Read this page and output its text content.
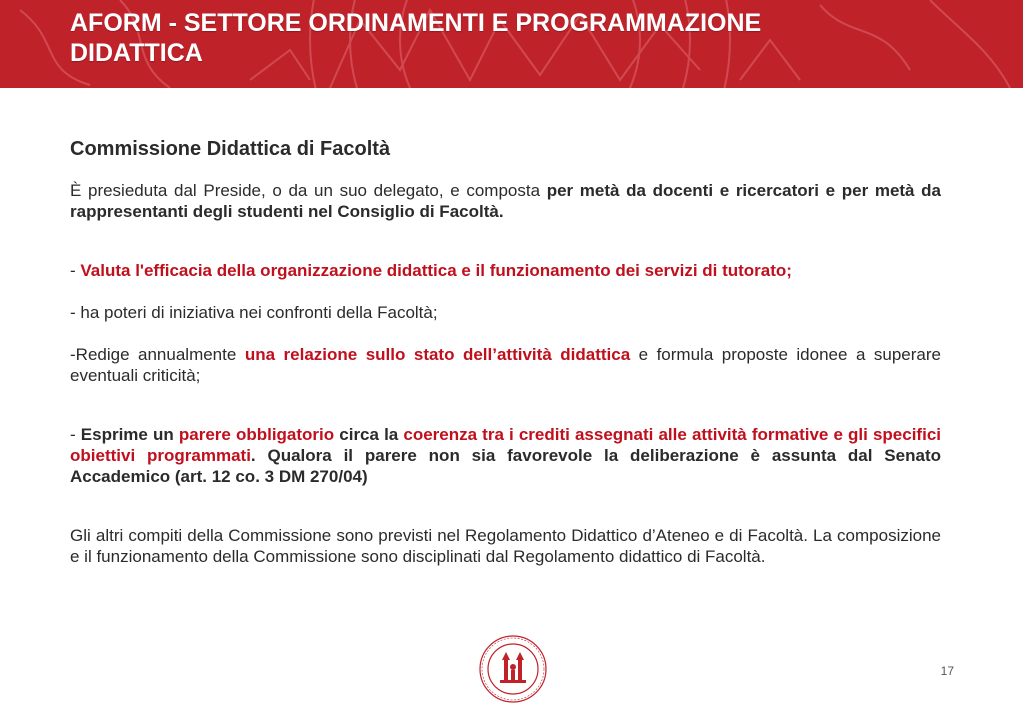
AFORM - SETTORE ORDINAMENTI E PROGRAMMAZIONE
DIDATTICA
Commissione Didattica di Facoltà

È presieduta dal Preside, o da un suo delegato, e composta per metà da docenti e ricercatori e per metà da rappresentanti degli studenti nel Consiglio di Facoltà.

- Valuta l'efficacia della organizzazione didattica e il funzionamento dei servizi di tutorato;

- ha poteri di iniziativa nei confronti della Facoltà;

-Redige annualmente una relazione sullo stato dell’attività didattica e formula proposte idonee a superare eventuali criticità;

- Esprime un parere obbligatorio circa la coerenza tra i crediti assegnati alle attività formative e gli specifici obiettivi programmati. Qualora il parere non sia favorevole la deliberazione è assunta dal Senato Accademico (art. 12 co. 3 DM 270/04)

Gli altri compiti della Commissione sono previsti nel Regolamento Didattico d’Ateneo e di Facoltà. La composizione e il funzionamento della Commissione sono disciplinati dal Regolamento didattico di Facoltà.

17
